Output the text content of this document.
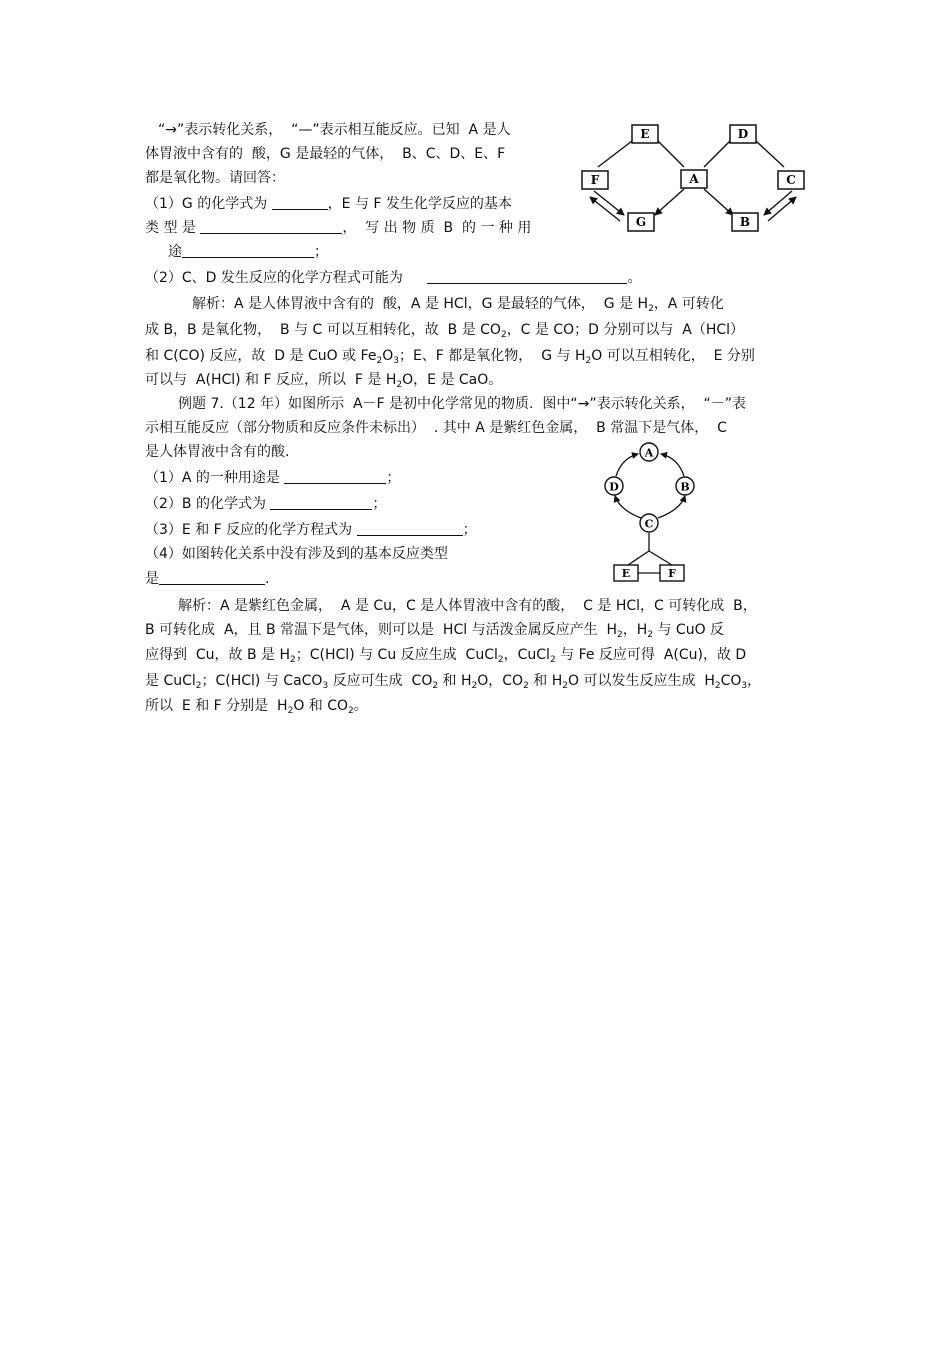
“→”表示转化关系，  “—”表示相互能反应。已知  A 是人
体胃液中含有的  酸，G 是最轻的气体，  B、C、D、E、F
都是氧化物。请回答：
（1）G 的化学式为	，E 与 F 发生化学反应的基本
类 型 是	，  写 出 物 质  B  的 一 种 用
途	；
（2）C、D 发生反应的化学方程式可能为	。
解析：A 是人体胃液中含有的  酸，A 是 HCl，G 是最轻的气体，  G 是 $H_2$，A 可转化
成 B，B 是氧化物，  B 与 C 可以互相转化，故  B 是 $CO_2$，C 是 CO；D 分别可以与  A（HCl）
和 C(CO) 反应，故  D 是 CuO 或 $Fe_2O_3$；E、F 都是氧化物，  G 与 $H_2O$ 可以互相转化，  E 分别
可以与  A(HCl) 和 F 反应，所以  F 是 $H_2O$，E 是 CaO。
例题 7.（12 年）如图所示  A－F 是初中化学常见的物质.  图中“→”表示转化关系，  “－”表
示相互能反应（部分物质和反应条件未标出）  . 其中 A 是紫红色金属，  B 常温下是气体，  C
是人体胃液中含有的酸.
（1）A 的一种用途是	；
（2）B 的化学式为	；
（3）E 和 F 反应的化学方程式为	；
（4）如图转化关系中没有涉及到的基本反应类型
是	.
解析：A 是紫红色金属，  A 是 Cu，C 是人体胃液中含有的酸，  C 是 HCl，C 可转化成  B，
B 可转化成  A，且 B 常温下是气体，则可以是  HCl 与活泼金属反应产生  $H_2$，$H_2$ 与 CuO 反
应得到  Cu，故 B 是 $H_2$；C(HCl) 与 Cu 反应生成  CuCl$_2$，CuCl$_2$ 与 Fe 反应可得  A(Cu)，故 D
是 CuCl$_2$；C(HCl) 与 CaCO$_3$ 反应可生成  $CO_2$ 和 $H_2O$，$CO_2$ 和 $H_2O$ 可以发生反应生成  $H_2CO_3$，
所以  E 和 F 分别是  $H_2O$ 和 $CO_2$。
E	D
F	A	C
G	B
A
D	B
C
E	F
